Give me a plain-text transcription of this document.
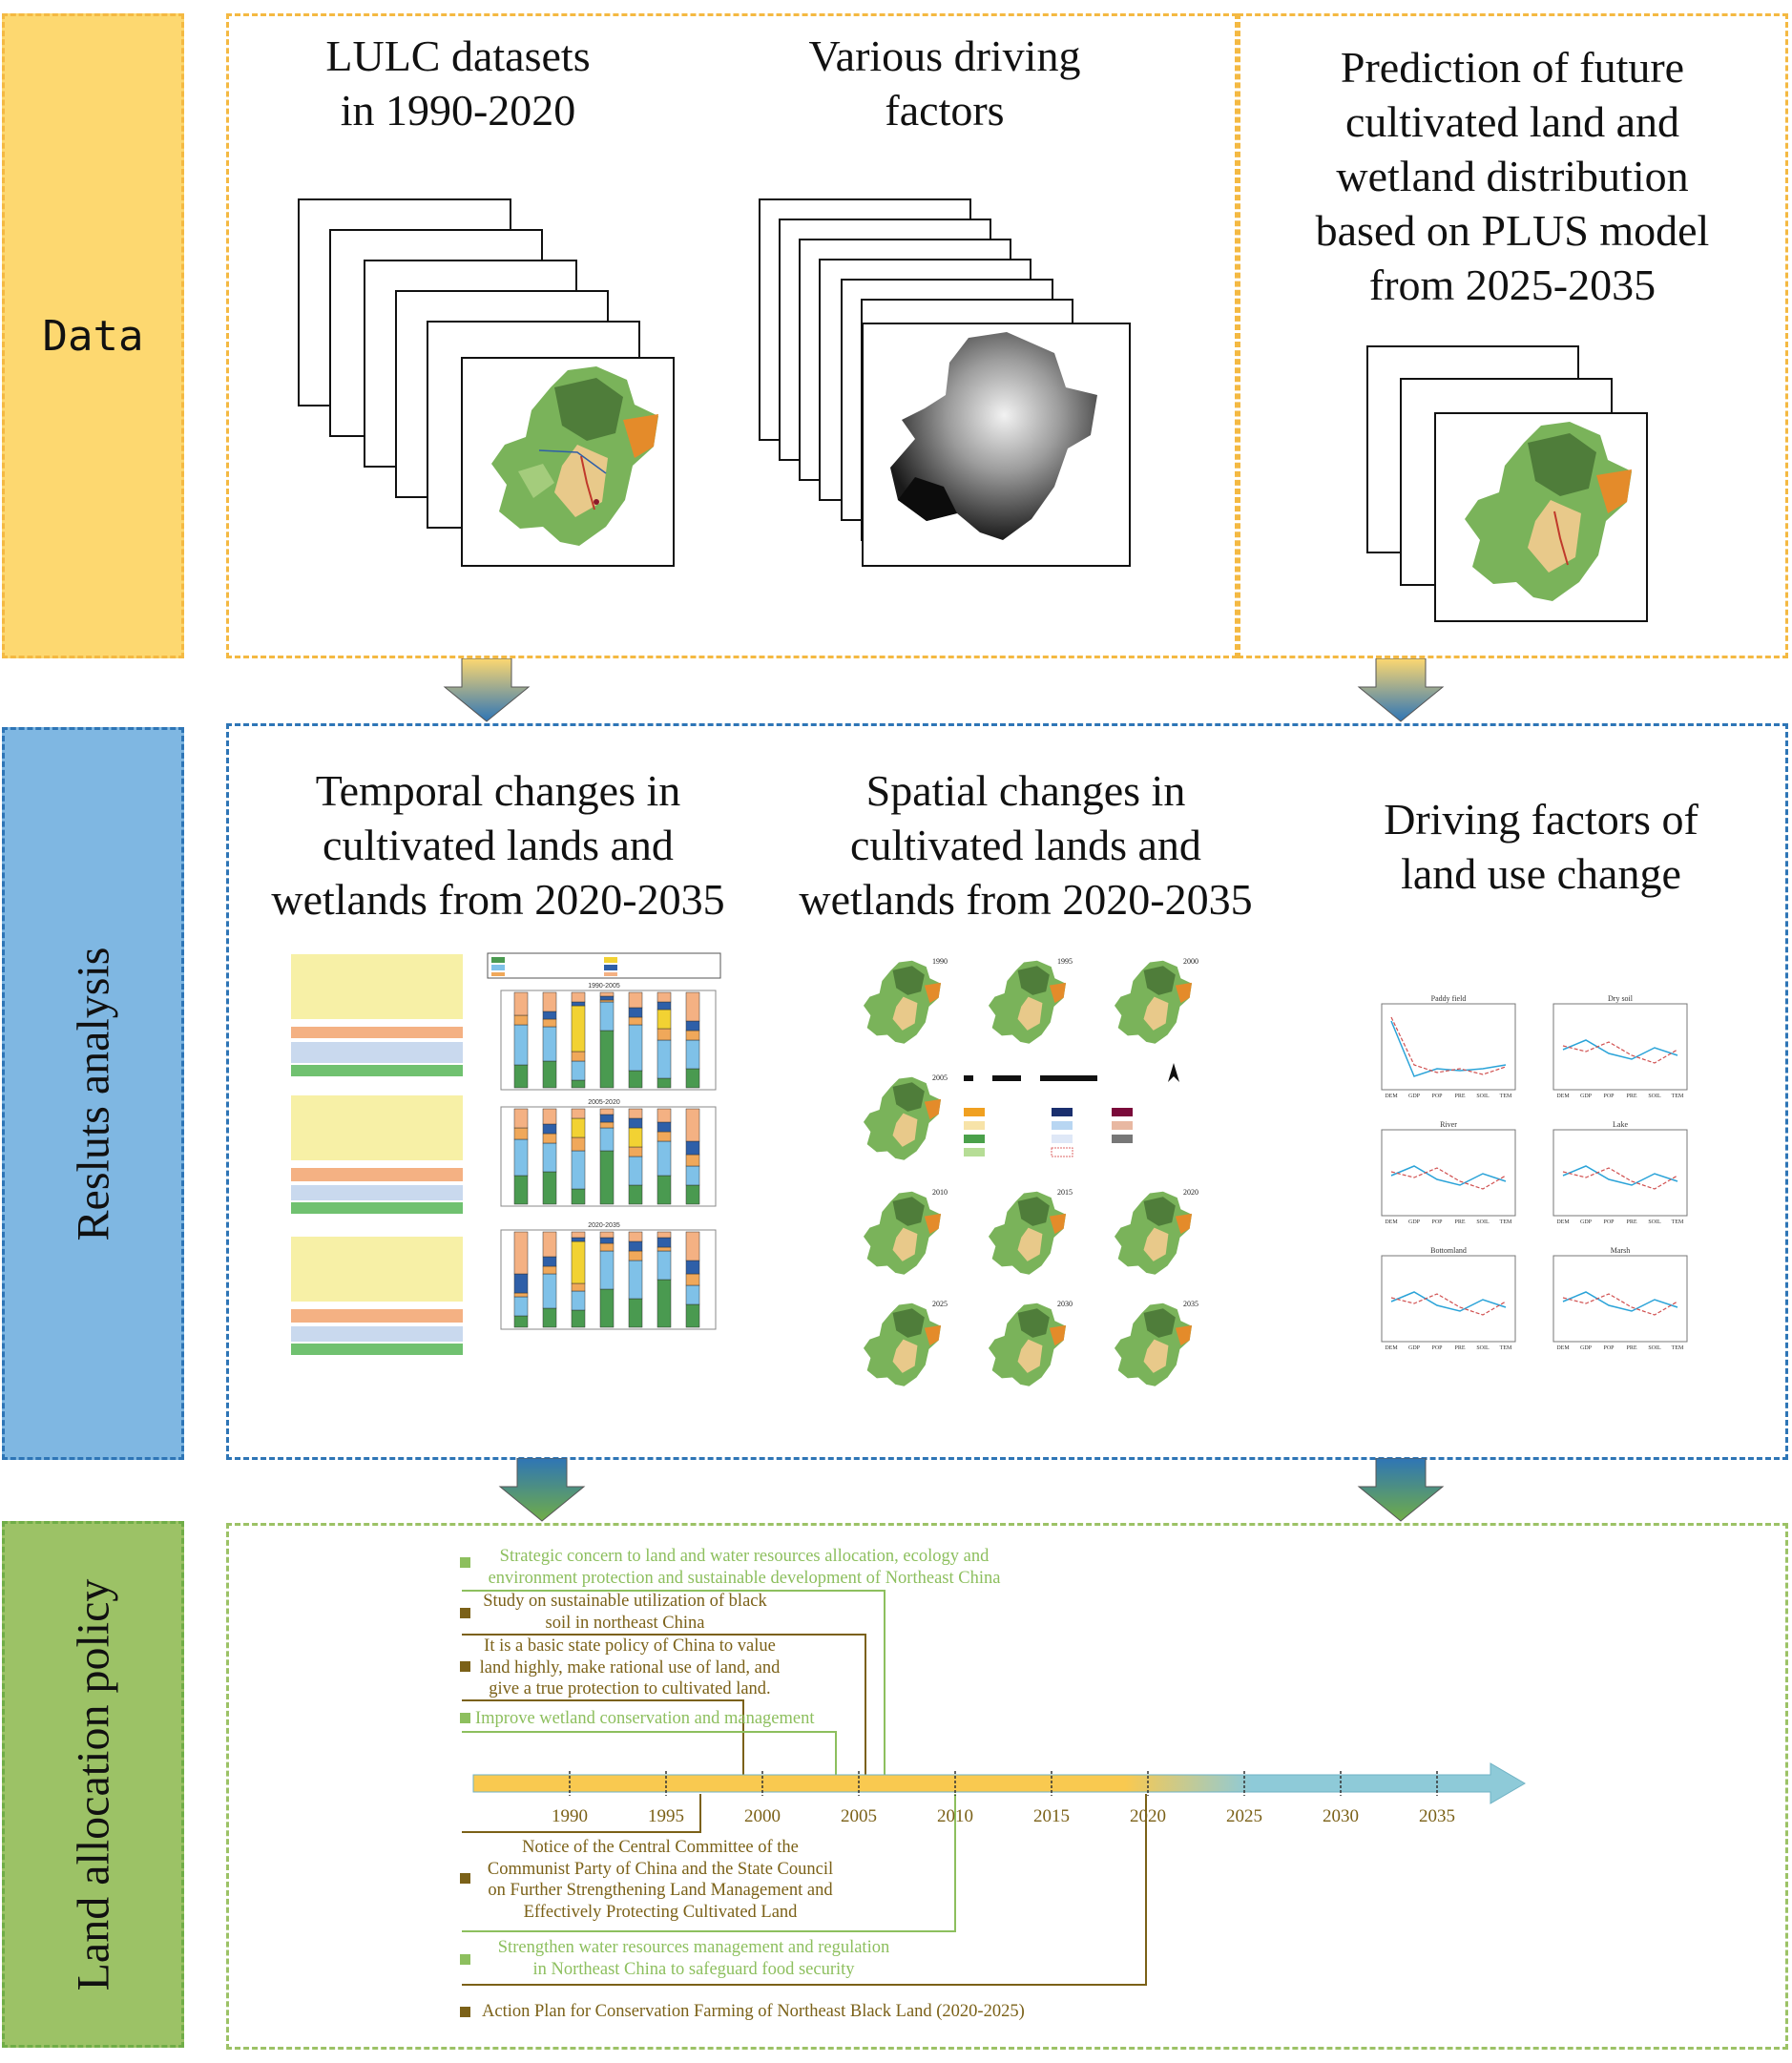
Data
Resluts analysis
Land allocation policy
LULC datasets
in 1990-2020
Various driving
factors
Prediction of future
cultivated land and
wetland distribution
based on PLUS model
from 2025-2035
Temporal changes in
cultivated lands and
wetlands from 2020-2035
Spatial changes in
cultivated lands and
wetlands from 2020-2035
Driving factors of
land use change
1990-2005
2005-2020
2020-2035
1990	1995	2000
2005
2010	2015	2020
2025	2030	2035
Paddy field
DEM GDP POP PRE SOIL TEM
Dry soil
DEM GDP POP PRE SOIL TEM
River
DEM GDP POP PRE SOIL TEM
Lake
DEM GDP POP PRE SOIL TEM
Bottomland
DEM GDP POP PRE SOIL TEM
Marsh
DEM GDP POP PRE SOIL TEM
1990	1995	2000	2005	2010	2015	2020	2025	2030	2035
Strategic concern to land and water resources allocation, ecology and
environment protection and sustainable development of Northeast China
Study on sustainable utilization of black
soil in northeast China
It is a basic state policy of China to value
land highly, make rational use of land, and
give a true protection to cultivated land.
Improve wetland conservation and management
Notice of the Central Committee of the
Communist Party of China and the State Council
on Further Strengthening Land Management and
Effectively Protecting Cultivated Land
Strengthen water resources management and regulation
in Northeast China to safeguard food security
Action Plan for Conservation Farming of Northeast Black Land (2020-2025)
